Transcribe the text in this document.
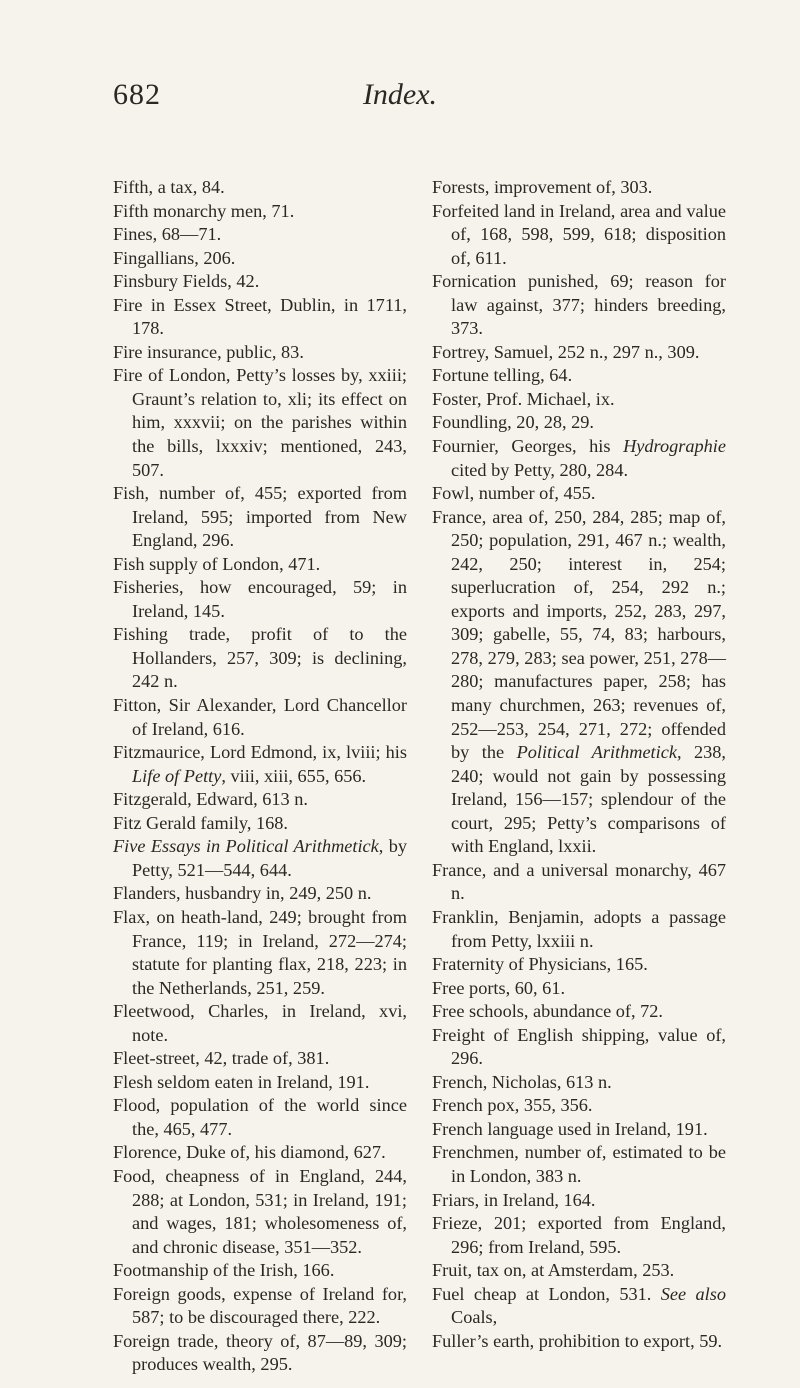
682	Index.

Fifth, a tax, 84.

Fifth monarchy men, 71.

Fines, 68—71.

Fingallians, 206.

Finsbury Fields, 42.

Fire in Essex Street, Dublin, in 1711, 178.

Fire insurance, public, 83.

Fire of London, Petty’s losses by, xxiii; Graunt’s relation to, xli; its effect on him, xxxvii; on the parishes within the bills, lxxxiv; mentioned, 243, 507.

Fish, number of, 455; exported from Ireland, 595; imported from New England, 296.

Fish supply of London, 471.

Fisheries, how encouraged, 59; in Ireland, 145.

Fishing trade, profit of to the Hollanders, 257, 309; is declining, 242 n.

Fitton, Sir Alexander, Lord Chancellor of Ireland, 616.

Fitzmaurice, Lord Edmond, ix, lviii; his Life of Petty, viii, xiii, 655, 656.

Fitzgerald, Edward, 613 n.

Fitz Gerald family, 168.

Five Essays in Political Arithmetick, by Petty, 521—544, 644.

Flanders, husbandry in, 249, 250 n.

Flax, on heath-land, 249; brought from France, 119; in Ireland, 272—274; statute for planting flax, 218, 223; in the Netherlands, 251, 259.

Fleetwood, Charles, in Ireland, xvi, note.

Fleet-street, 42, trade of, 381.

Flesh seldom eaten in Ireland, 191.

Flood, population of the world since the, 465, 477.

Florence, Duke of, his diamond, 627.

Food, cheapness of in England, 244, 288; at London, 531; in Ireland, 191; and wages, 181; wholesomeness of, and chronic disease, 351—352.

Footmanship of the Irish, 166.

Foreign goods, expense of Ireland for, 587; to be discouraged there, 222.

Foreign trade, theory of, 87—89, 309; produces wealth, 295.

Forests, improvement of, 303.

Forfeited land in Ireland, area and value of, 168, 598, 599, 618; disposition of, 611.

Fornication punished, 69; reason for law against, 377; hinders breeding, 373.

Fortrey, Samuel, 252 n., 297 n., 309.

Fortune telling, 64.

Foster, Prof. Michael, ix.

Foundling, 20, 28, 29.

Fournier, Georges, his Hydrographie cited by Petty, 280, 284.

Fowl, number of, 455.

France, area of, 250, 284, 285; map of, 250; population, 291, 467 n.; wealth, 242, 250; interest in, 254; superlucration of, 254, 292 n.; exports and imports, 252, 283, 297, 309; gabelle, 55, 74, 83; harbours, 278, 279, 283; sea power, 251, 278—280; manufactures paper, 258; has many churchmen, 263; revenues of, 252—253, 254, 271, 272; offended by the Political Arithmetick, 238, 240; would not gain by possessing Ireland, 156—157; splendour of the court, 295; Petty’s comparisons of with England, lxxii.

France, and a universal monarchy, 467 n.

Franklin, Benjamin, adopts a passage from Petty, lxxiii n.

Fraternity of Physicians, 165.

Free ports, 60, 61.

Free schools, abundance of, 72.

Freight of English shipping, value of, 296.

French, Nicholas, 613 n.

French pox, 355, 356.

French language used in Ireland, 191.

Frenchmen, number of, estimated to be in London, 383 n.

Friars, in Ireland, 164.

Frieze, 201; exported from England, 296; from Ireland, 595.

Fruit, tax on, at Amsterdam, 253.

Fuel cheap at London, 531. See also Coals,

Fuller’s earth, prohibition to export, 59.
